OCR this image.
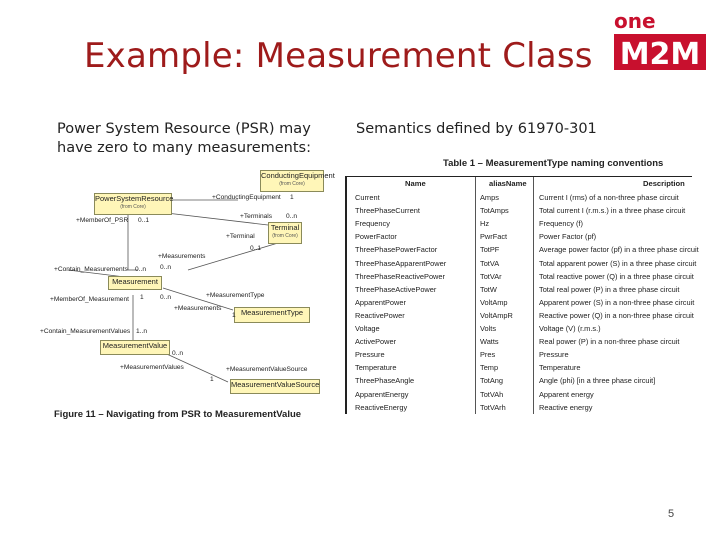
Example: Measurement Class
one
M2M
Power System Resource (PSR) may have zero to many measurements:
Semantics defined by 61970-301
ConductingEquipment
(from Core)
PowerSystemResource
(from Core)
Terminal
(from Core)
Measurement
MeasurementType
MeasurementValue
MeasurementValueSource
+ConductingEquipment 1
+Terminals 0..n
+MemberOf_PSR 0..1
+Terminal
0..1
+Measurements
+Contain_Measurements 0..n 0..n
+MemberOf_Measurement 1 0..n	+MeasurementType
+Measurements
1
+Contain_MeasurementValues 1..n
0..n
+MeasurementValues	+MeasurementValueSource
1
Figure 11 – Navigating from PSR to MeasurementValue
Table 1 – MeasurementType naming conventions
Name	aliasName	Description
Current	Amps	Current I (rms) of a non-three phase circuit
ThreePhaseCurrent	TotAmps	Total current I (r.m.s.) in a three phase circuit
Frequency	Hz	Frequency (f)
PowerFactor	PwrFact	Power Factor (pf)
ThreePhasePowerFactor	TotPF	Average power factor (pf) in a three phase circuit
ThreePhaseApparentPower	TotVA	Total apparent power (S) in a three phase circuit
ThreePhaseReactivePower	TotVAr	Total reactive power (Q) in a three phase circuit
ThreePhaseActivePower	TotW	Total real power (P) in a three phase circuit
ApparentPower	VoltAmp	Apparent power (S) in a non-three phase circuit
ReactivePower	VoltAmpR	Reactive power (Q) in a non-three phase circuit
Voltage	Volts	Voltage (V) (r.m.s.)
ActivePower	Watts	Real power (P) in a non-three phase circuit
Pressure	Pres	Pressure
Temperature	Temp	Temperature
ThreePhaseAngle	TotAng	Angle (phi) [in a three phase circuit]
ApparentEnergy	TotVAh	Apparent energy
ReactiveEnergy	TotVArh	Reactive energy
5
